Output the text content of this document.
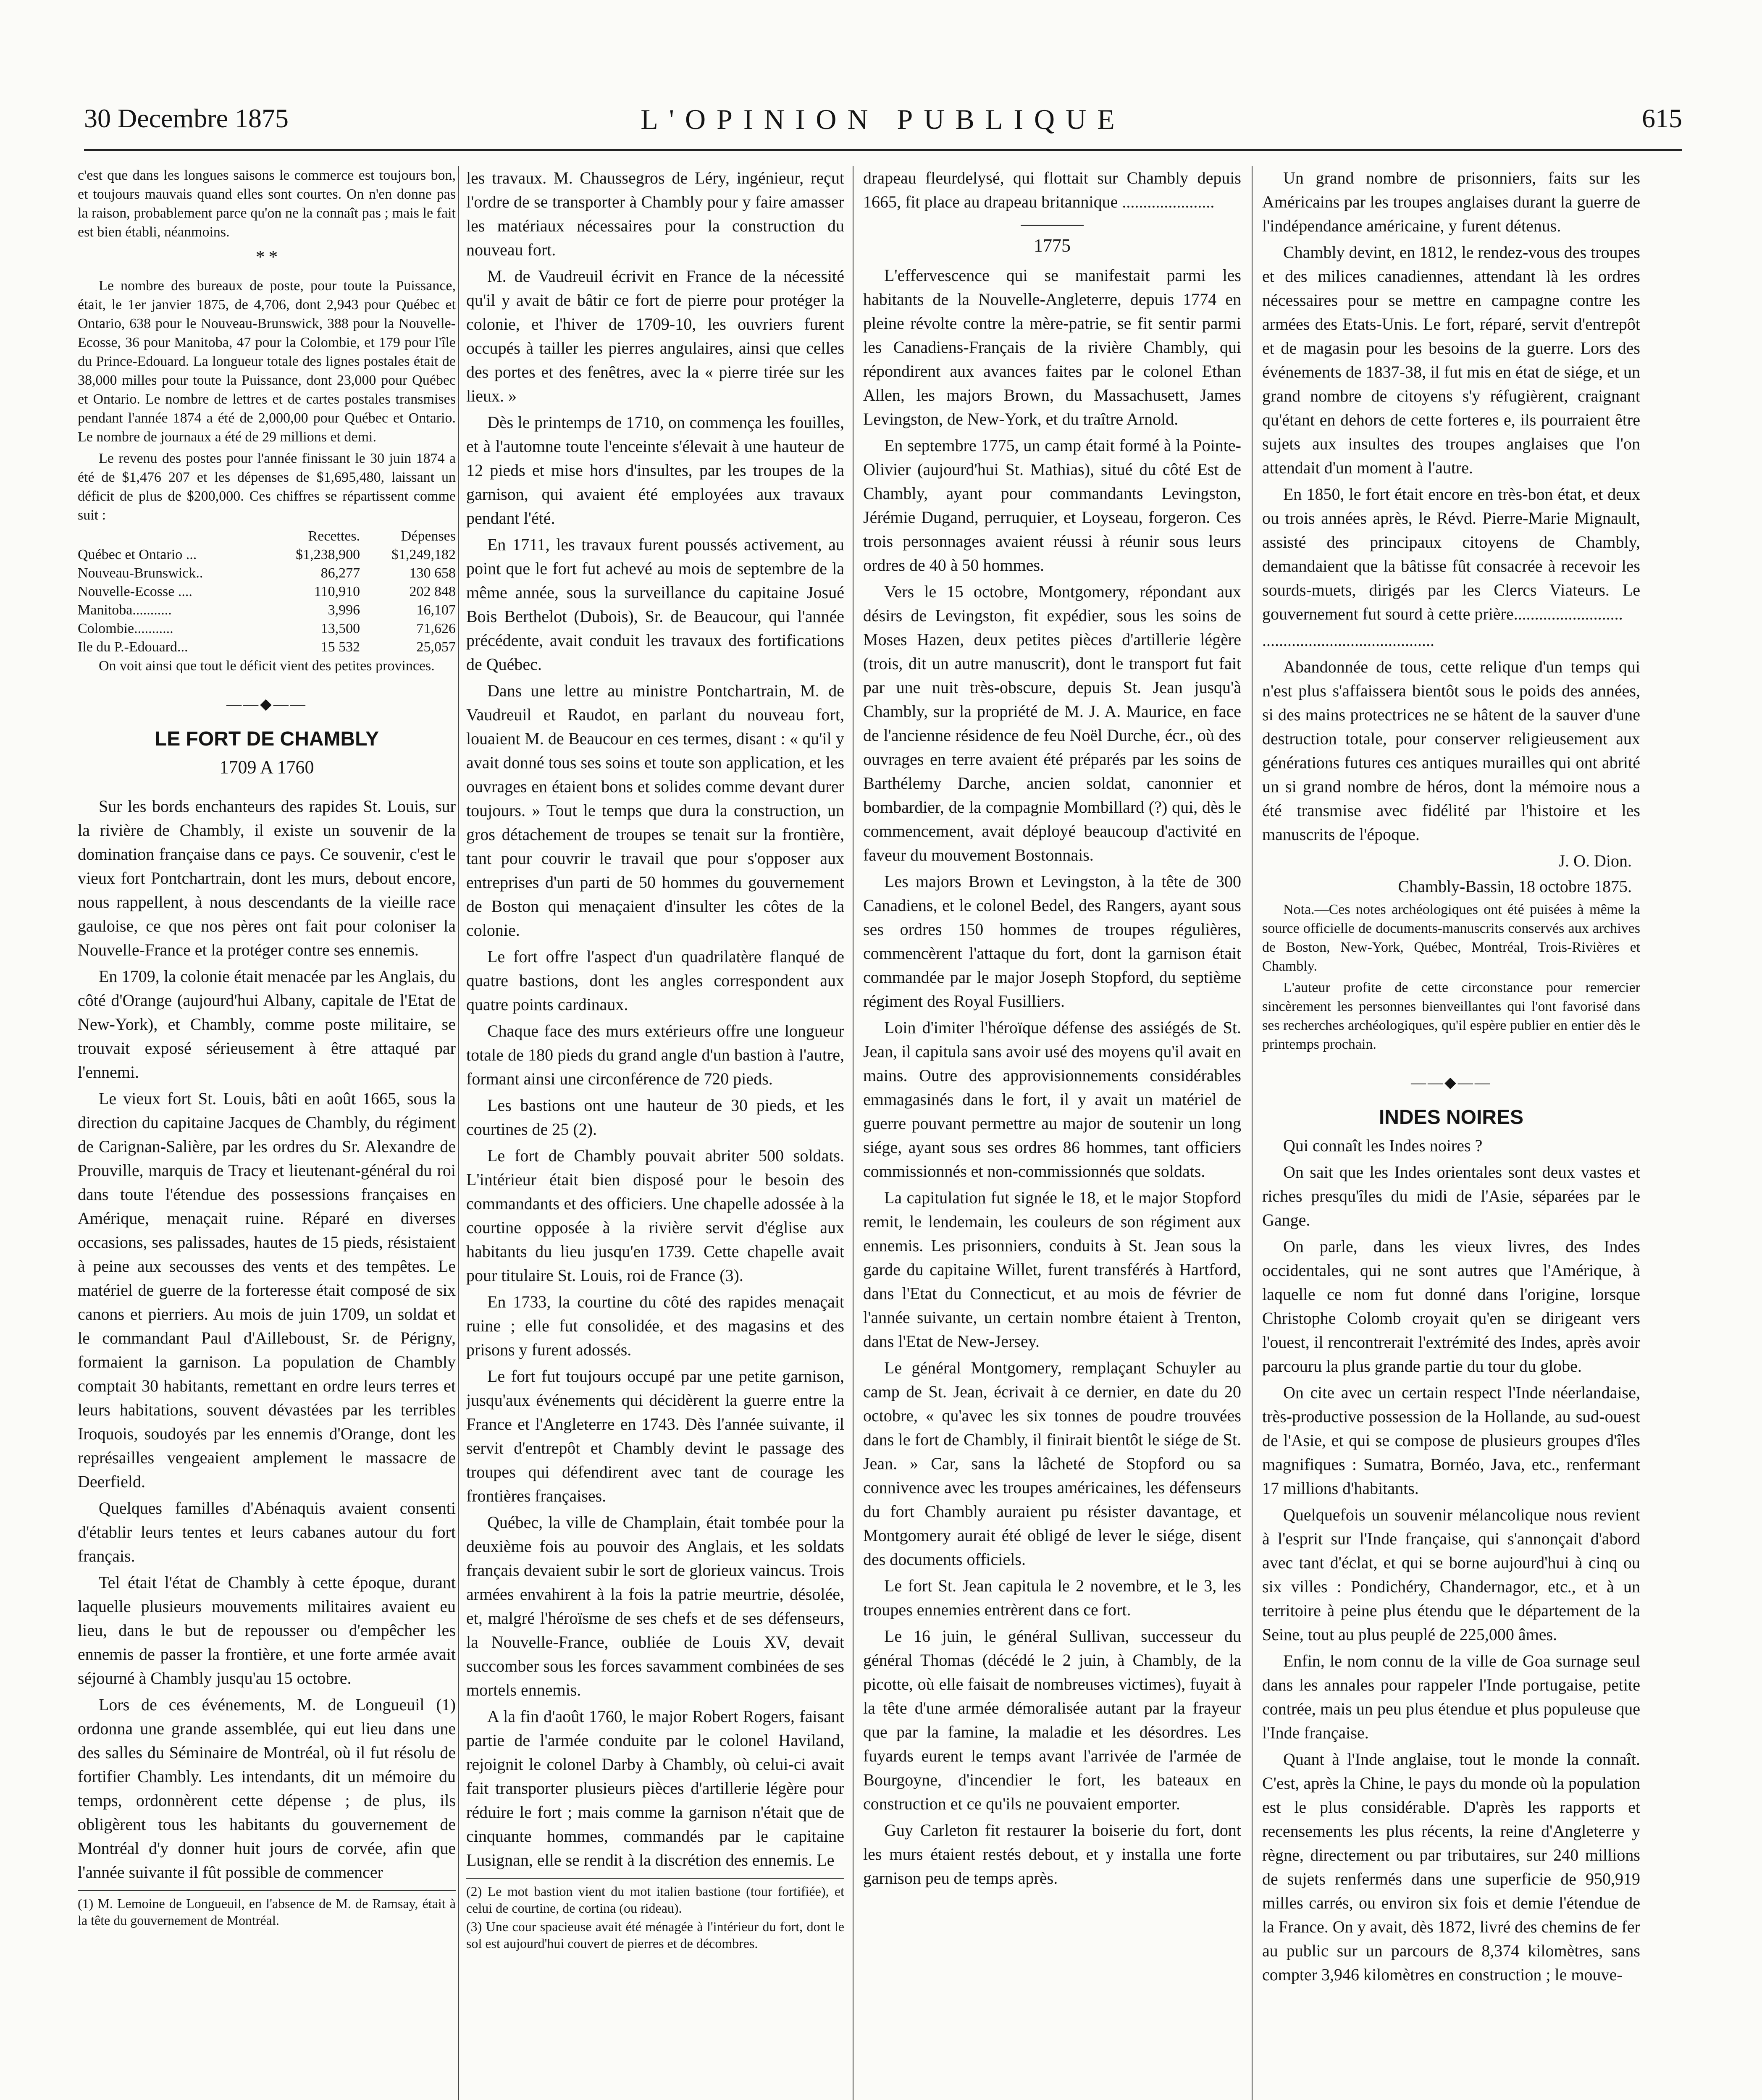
30 Decembre 1875	L'OPINION PUBLIQUE	615

c'est que dans les longues saisons le commerce est toujours bon, et toujours mauvais quand elles sont courtes. On n'en donne pas la raison, probablement parce qu'on ne la connaît pas ; mais le fait est bien établi, néanmoins.

* *

Le nombre des bureaux de poste, pour toute la Puissance, était, le 1er janvier 1875, de 4,706, dont 2,943 pour Québec et Ontario, 638 pour le Nouveau-Brunswick, 388 pour la Nouvelle-Ecosse, 36 pour Manitoba, 47 pour la Colombie, et 179 pour l'île du Prince-Edouard. La longueur totale des lignes postales était de 38,000 milles pour toute la Puissance, dont 23,000 pour Québec et Ontario. Le nombre de lettres et de cartes postales transmises pendant l'année 1874 a été de 2,000,00 pour Québec et Ontario. Le nombre de journaux a été de 29 millions et demi.

Le revenu des postes pour l'année finissant le 30 juin 1874 a été de $1,476 207 et les dépenses de $1,695,480, laissant un déficit de plus de $200,000. Ces chiffres se répartissent comme suit :

	Recettes.	Dépenses
Québec et Ontario ...	$1,238,900	$1,249,182
Nouveau-Brunswick..	86,277	130 658
Nouvelle-Ecosse ....	110,910	202 848
Manitoba...........	3,996	16,107
Colombie...........	13,500	71,626
Ile du P.-Edouard...	15 532	25,057

On voit ainsi que tout le déficit vient des petites provinces.

——◆——

LE FORT DE CHAMBLY

1709 A 1760

Sur les bords enchanteurs des rapides St. Louis, sur la rivière de Chambly, il existe un souvenir de la domination française dans ce pays. Ce souvenir, c'est le vieux fort Pontchartrain, dont les murs, debout encore, nous rappellent, à nous descendants de la vieille race gauloise, ce que nos pères ont fait pour coloniser la Nouvelle-France et la protéger contre ses ennemis.

En 1709, la colonie était menacée par les Anglais, du côté d'Orange (aujourd'hui Albany, capitale de l'Etat de New-York), et Chambly, comme poste militaire, se trouvait exposé sérieusement à être attaqué par l'ennemi.

Le vieux fort St. Louis, bâti en août 1665, sous la direction du capitaine Jacques de Chambly, du régiment de Carignan-Salière, par les ordres du Sr. Alexandre de Prouville, marquis de Tracy et lieutenant-général du roi dans toute l'étendue des possessions françaises en Amérique, menaçait ruine. Réparé en diverses occasions, ses palissades, hautes de 15 pieds, résistaient à peine aux secousses des vents et des tempêtes. Le matériel de guerre de la forteresse était composé de six canons et pierriers. Au mois de juin 1709, un soldat et le commandant Paul d'Ailleboust, Sr. de Périgny, formaient la garnison. La population de Chambly comptait 30 habitants, remettant en ordre leurs terres et leurs habitations, souvent dévastées par les terribles Iroquois, soudoyés par les ennemis d'Orange, dont les représailles vengeaient amplement le massacre de Deerfield.

Quelques familles d'Abénaquis avaient consenti d'établir leurs tentes et leurs cabanes autour du fort français.

Tel était l'état de Chambly à cette époque, durant laquelle plusieurs mouvements militaires avaient eu lieu, dans le but de repousser ou d'empêcher les ennemis de passer la frontière, et une forte armée avait séjourné à Chambly jusqu'au 15 octobre.

Lors de ces événements, M. de Longueuil (1) ordonna une grande assemblée, qui eut lieu dans une des salles du Séminaire de Montréal, où il fut résolu de fortifier Chambly. Les intendants, dit un mémoire du temps, ordonnèrent cette dépense ; de plus, ils obligèrent tous les habitants du gouvernement de Montréal d'y donner huit jours de corvée, afin que l'année suivante il fût possible de commencer

(1) M. Lemoine de Longueuil, en l'absence de M. de Ramsay, était à la tête du gouvernement de Montréal.

les travaux. M. Chaussegros de Léry, ingénieur, reçut l'ordre de se transporter à Chambly pour y faire amasser les matériaux nécessaires pour la construction du nouveau fort.

M. de Vaudreuil écrivit en France de la nécessité qu'il y avait de bâtir ce fort de pierre pour protéger la colonie, et l'hiver de 1709-10, les ouvriers furent occupés à tailler les pierres angulaires, ainsi que celles des portes et des fenêtres, avec la « pierre tirée sur les lieux. »

Dès le printemps de 1710, on commença les fouilles, et à l'automne toute l'enceinte s'élevait à une hauteur de 12 pieds et mise hors d'insultes, par les troupes de la garnison, qui avaient été employées aux travaux pendant l'été.

En 1711, les travaux furent poussés activement, au point que le fort fut achevé au mois de septembre de la même année, sous la surveillance du capitaine Josué Bois Berthelot (Dubois), Sr. de Beaucour, qui l'année précédente, avait conduit les travaux des fortifications de Québec.

Dans une lettre au ministre Pontchartrain, M. de Vaudreuil et Raudot, en parlant du nouveau fort, louaient M. de Beaucour en ces termes, disant : « qu'il y avait donné tous ses soins et toute son application, et les ouvrages en étaient bons et solides comme devant durer toujours. » Tout le temps que dura la construction, un gros détachement de troupes se tenait sur la frontière, tant pour couvrir le travail que pour s'opposer aux entreprises d'un parti de 50 hommes du gouvernement de Boston qui menaçaient d'insulter les côtes de la colonie.

Le fort offre l'aspect d'un quadrilatère flanqué de quatre bastions, dont les angles correspondent aux quatre points cardinaux.

Chaque face des murs extérieurs offre une longueur totale de 180 pieds du grand angle d'un bastion à l'autre, formant ainsi une circonférence de 720 pieds.

Les bastions ont une hauteur de 30 pieds, et les courtines de 25 (2).

Le fort de Chambly pouvait abriter 500 soldats. L'intérieur était bien disposé pour le besoin des commandants et des officiers. Une chapelle adossée à la courtine opposée à la rivière servit d'église aux habitants du lieu jusqu'en 1739. Cette chapelle avait pour titulaire St. Louis, roi de France (3).

En 1733, la courtine du côté des rapides menaçait ruine ; elle fut consolidée, et des magasins et des prisons y furent adossés.

Le fort fut toujours occupé par une petite garnison, jusqu'aux événements qui décidèrent la guerre entre la France et l'Angleterre en 1743. Dès l'année suivante, il servit d'entrepôt et Chambly devint le passage des troupes qui défendirent avec tant de courage les frontières françaises.

Québec, la ville de Champlain, était tombée pour la deuxième fois au pouvoir des Anglais, et les soldats français devaient subir le sort de glorieux vaincus. Trois armées envahirent à la fois la patrie meurtrie, désolée, et, malgré l'héroïsme de ses chefs et de ses défenseurs, la Nouvelle-France, oubliée de Louis XV, devait succomber sous les forces savamment combinées de ses mortels ennemis.

A la fin d'août 1760, le major Robert Rogers, faisant partie de l'armée conduite par le colonel Haviland, rejoignit le colonel Darby à Chambly, où celui-ci avait fait transporter plusieurs pièces d'artillerie légère pour réduire le fort ; mais comme la garnison n'était que de cinquante hommes, commandés par le capitaine Lusignan, elle se rendit à la discrétion des ennemis. Le

(2) Le mot bastion vient du mot italien bastione (tour fortifiée), et celui de courtine, de cortina (ou rideau).
(3) Une cour spacieuse avait été ménagée à l'intérieur du fort, dont le sol est aujourd'hui couvert de pierres et de décombres.

drapeau fleurdelysé, qui flottait sur Chambly depuis 1665, fit place au drapeau britannique ......................

1775

L'effervescence qui se manifestait parmi les habitants de la Nouvelle-Angleterre, depuis 1774 en pleine révolte contre la mère-patrie, se fit sentir parmi les Canadiens-Français de la rivière Chambly, qui répondirent aux avances faites par le colonel Ethan Allen, les majors Brown, du Massachusett, James Levingston, de New-York, et du traître Arnold.

En septembre 1775, un camp était formé à la Pointe-Olivier (aujourd'hui St. Mathias), situé du côté Est de Chambly, ayant pour commandants Levingston, Jérémie Dugand, perruquier, et Loyseau, forgeron. Ces trois personnages avaient réussi à réunir sous leurs ordres de 40 à 50 hommes.

Vers le 15 octobre, Montgomery, répondant aux désirs de Levingston, fit expédier, sous les soins de Moses Hazen, deux petites pièces d'artillerie légère (trois, dit un autre manuscrit), dont le transport fut fait par une nuit très-obscure, depuis St. Jean jusqu'à Chambly, sur la propriété de M. J. A. Maurice, en face de l'ancienne résidence de feu Noël Durche, écr., où des ouvrages en terre avaient été préparés par les soins de Barthélemy Darche, ancien soldat, canonnier et bombardier, de la compagnie Mombillard (?) qui, dès le commencement, avait déployé beaucoup d'activité en faveur du mouvement Bostonnais.

Les majors Brown et Levingston, à la tête de 300 Canadiens, et le colonel Bedel, des Rangers, ayant sous ses ordres 150 hommes de troupes régulières, commencèrent l'attaque du fort, dont la garnison était commandée par le major Joseph Stopford, du septième régiment des Royal Fusilliers.

Loin d'imiter l'héroïque défense des assiégés de St. Jean, il capitula sans avoir usé des moyens qu'il avait en mains. Outre des approvisionnements considérables emmagasinés dans le fort, il y avait un matériel de guerre pouvant permettre au major de soutenir un long siége, ayant sous ses ordres 86 hommes, tant officiers commissionnés et non-commissionnés que soldats.

La capitulation fut signée le 18, et le major Stopford remit, le lendemain, les couleurs de son régiment aux ennemis. Les prisonniers, conduits à St. Jean sous la garde du capitaine Willet, furent transférés à Hartford, dans l'Etat du Connecticut, et au mois de février de l'année suivante, un certain nombre étaient à Trenton, dans l'Etat de New-Jersey.

Le général Montgomery, remplaçant Schuyler au camp de St. Jean, écrivait à ce dernier, en date du 20 octobre, « qu'avec les six tonnes de poudre trouvées dans le fort de Chambly, il finirait bientôt le siége de St. Jean. » Car, sans la lâcheté de Stopford ou sa connivence avec les troupes américaines, les défenseurs du fort Chambly auraient pu résister davantage, et Montgomery aurait été obligé de lever le siége, disent des documents officiels.

Le fort St. Jean capitula le 2 novembre, et le 3, les troupes ennemies entrèrent dans ce fort.

Le 16 juin, le général Sullivan, successeur du général Thomas (décédé le 2 juin, à Chambly, de la picotte, où elle faisait de nombreuses victimes), fuyait à la tête d'une armée démoralisée autant par la frayeur que par la famine, la maladie et les désordres. Les fuyards eurent le temps avant l'arrivée de l'armée de Bourgoyne, d'incendier le fort, les bateaux en construction et ce qu'ils ne pouvaient emporter.

Guy Carleton fit restaurer la boiserie du fort, dont les murs étaient restés debout, et y installa une forte garnison peu de temps après.

Un grand nombre de prisonniers, faits sur les Américains par les troupes anglaises durant la guerre de l'indépendance américaine, y furent détenus.

Chambly devint, en 1812, le rendez-vous des troupes et des milices canadiennes, attendant là les ordres nécessaires pour se mettre en campagne contre les armées des Etats-Unis. Le fort, réparé, servit d'entrepôt et de magasin pour les besoins de la guerre. Lors des événements de 1837-38, il fut mis en état de siége, et un grand nombre de citoyens s'y réfugièrent, craignant qu'étant en dehors de cette forteres e, ils pourraient être sujets aux insultes des troupes anglaises que l'on attendait d'un moment à l'autre.

En 1850, le fort était encore en très-bon état, et deux ou trois années après, le Révd. Pierre-Marie Mignault, assisté des principaux citoyens de Chambly, demandaient que la bâtisse fût consacrée à recevoir les sourds-muets, dirigés par les Clercs Viateurs. Le gouvernement fut sourd à cette prière..........................

.........................................

Abandonnée de tous, cette relique d'un temps qui n'est plus s'affaissera bientôt sous le poids des années, si des mains protectrices ne se hâtent de la sauver d'une destruction totale, pour conserver religieusement aux générations futures ces antiques murailles qui ont abrité un si grand nombre de héros, dont la mémoire nous a été transmise avec fidélité par l'histoire et les manuscrits de l'époque.

J. O. Dion.

Chambly-Bassin, 18 octobre 1875.

Nota.—Ces notes archéologiques ont été puisées à même la source officielle de documents-manuscrits conservés aux archives de Boston, New-York, Québec, Montréal, Trois-Rivières et Chambly.

L'auteur profite de cette circonstance pour remercier sincèrement les personnes bienveillantes qui l'ont favorisé dans ses recherches archéologiques, qu'il espère publier en entier dès le printemps prochain.

——◆——

INDES NOIRES

Qui connaît les Indes noires ?

On sait que les Indes orientales sont deux vastes et riches presqu'îles du midi de l'Asie, séparées par le Gange.

On parle, dans les vieux livres, des Indes occidentales, qui ne sont autres que l'Amérique, à laquelle ce nom fut donné dans l'origine, lorsque Christophe Colomb croyait qu'en se dirigeant vers l'ouest, il rencontrerait l'extrémité des Indes, après avoir parcouru la plus grande partie du tour du globe.

On cite avec un certain respect l'Inde néerlandaise, très-productive possession de la Hollande, au sud-ouest de l'Asie, et qui se compose de plusieurs groupes d'îles magnifiques : Sumatra, Bornéo, Java, etc., renfermant 17 millions d'habitants.

Quelquefois un souvenir mélancolique nous revient à l'esprit sur l'Inde française, qui s'annonçait d'abord avec tant d'éclat, et qui se borne aujourd'hui à cinq ou six villes : Pondichéry, Chandernagor, etc., et à un territoire à peine plus étendu que le département de la Seine, tout au plus peuplé de 225,000 âmes.

Enfin, le nom connu de la ville de Goa surnage seul dans les annales pour rappeler l'Inde portugaise, petite contrée, mais un peu plus étendue et plus populeuse que l'Inde française.

Quant à l'Inde anglaise, tout le monde la connaît. C'est, après la Chine, le pays du monde où la population est le plus considérable. D'après les rapports et recensements les plus récents, la reine d'Angleterre y règne, directement ou par tributaires, sur 240 millions de sujets renfermés dans une superficie de 950,919 milles carrés, ou environ six fois et demie l'étendue de la France. On y avait, dès 1872, livré des chemins de fer au public sur un parcours de 8,374 kilomètres, sans compter 3,946 kilomètres en construction ; le mouve-
